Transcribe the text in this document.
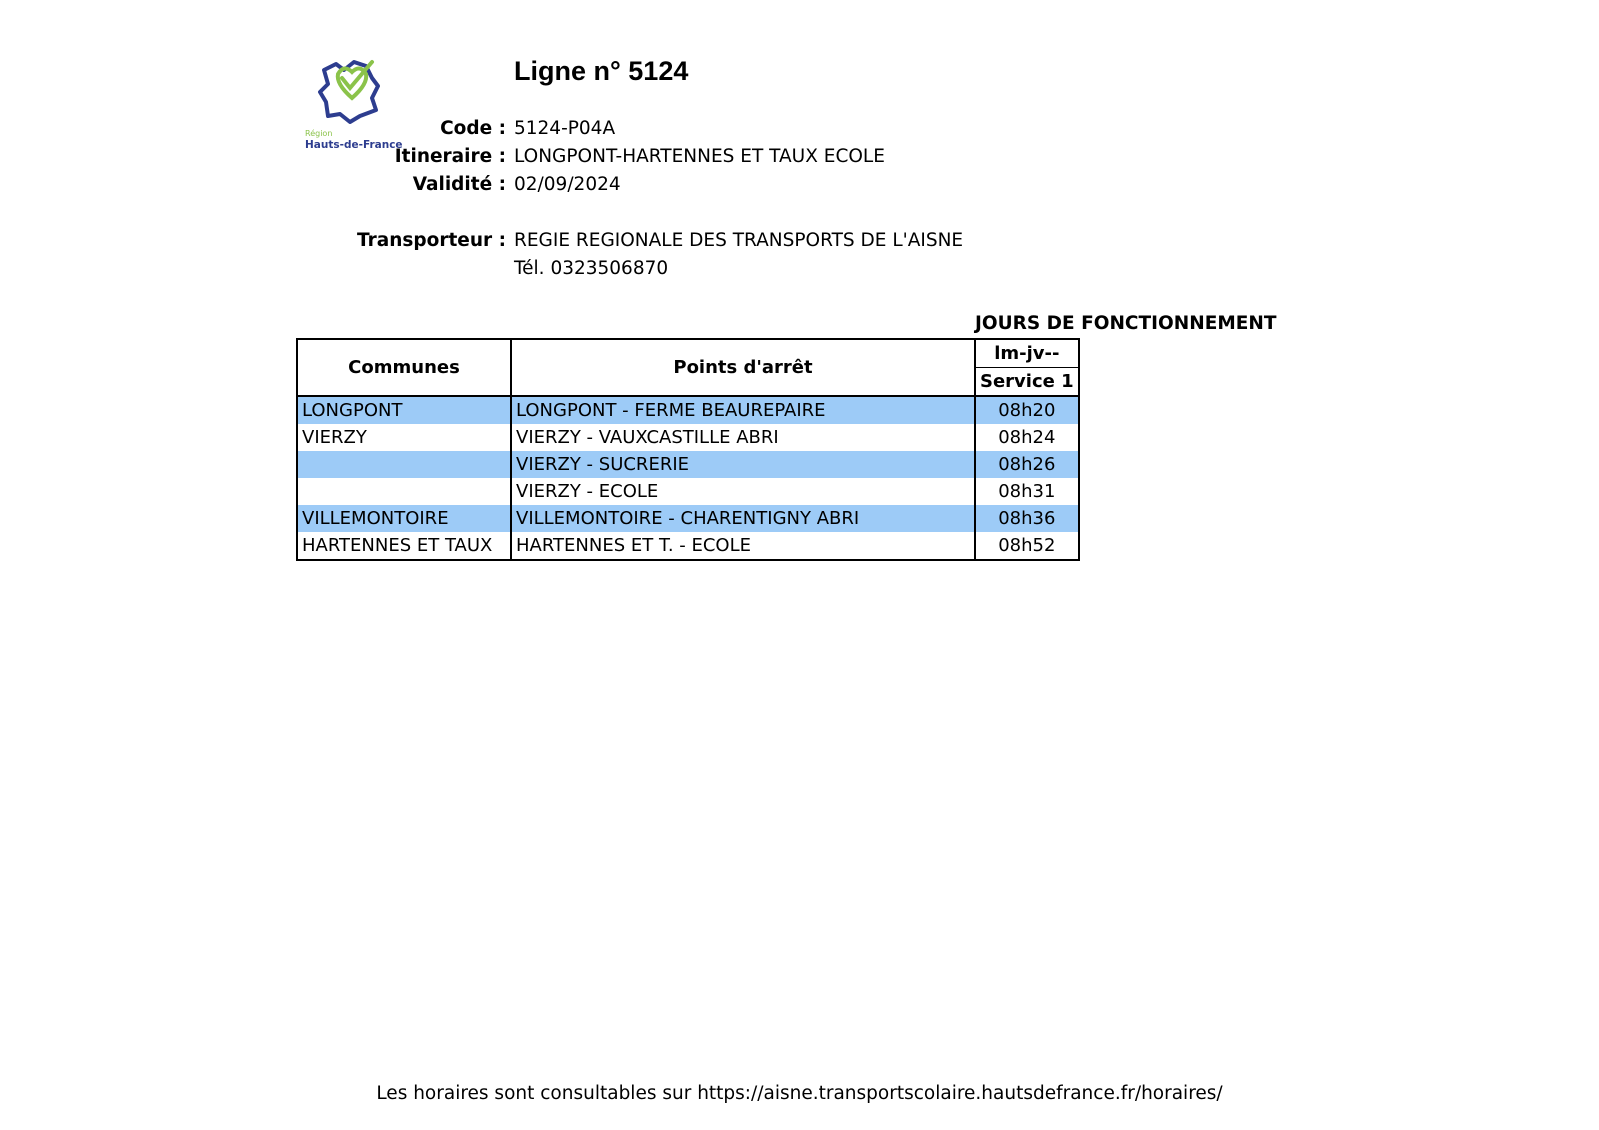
Région
Hauts-de-France
Ligne n° 5124
Code : 5124-P04A
Itineraire : LONGPONT-HARTENNES ET TAUX ECOLE
Validité : 02/09/2024
Transporteur : REGIE REGIONALE DES TRANSPORTS DE L'AISNE
Tél. 0323506870
JOURS DE FONCTIONNEMENT
Communes	Points d'arrêt	lm-jv--
		Service 1
LONGPONT	LONGPONT - FERME BEAUREPAIRE	08h20
VIERZY	VIERZY - VAUXCASTILLE ABRI	08h24
	VIERZY - SUCRERIE	08h26
	VIERZY - ECOLE	08h31
VILLEMONTOIRE	VILLEMONTOIRE - CHARENTIGNY ABRI	08h36
HARTENNES ET TAUX	HARTENNES ET T. - ECOLE	08h52
Les horaires sont consultables sur https://aisne.transportscolaire.hautsdefrance.fr/horaires/
